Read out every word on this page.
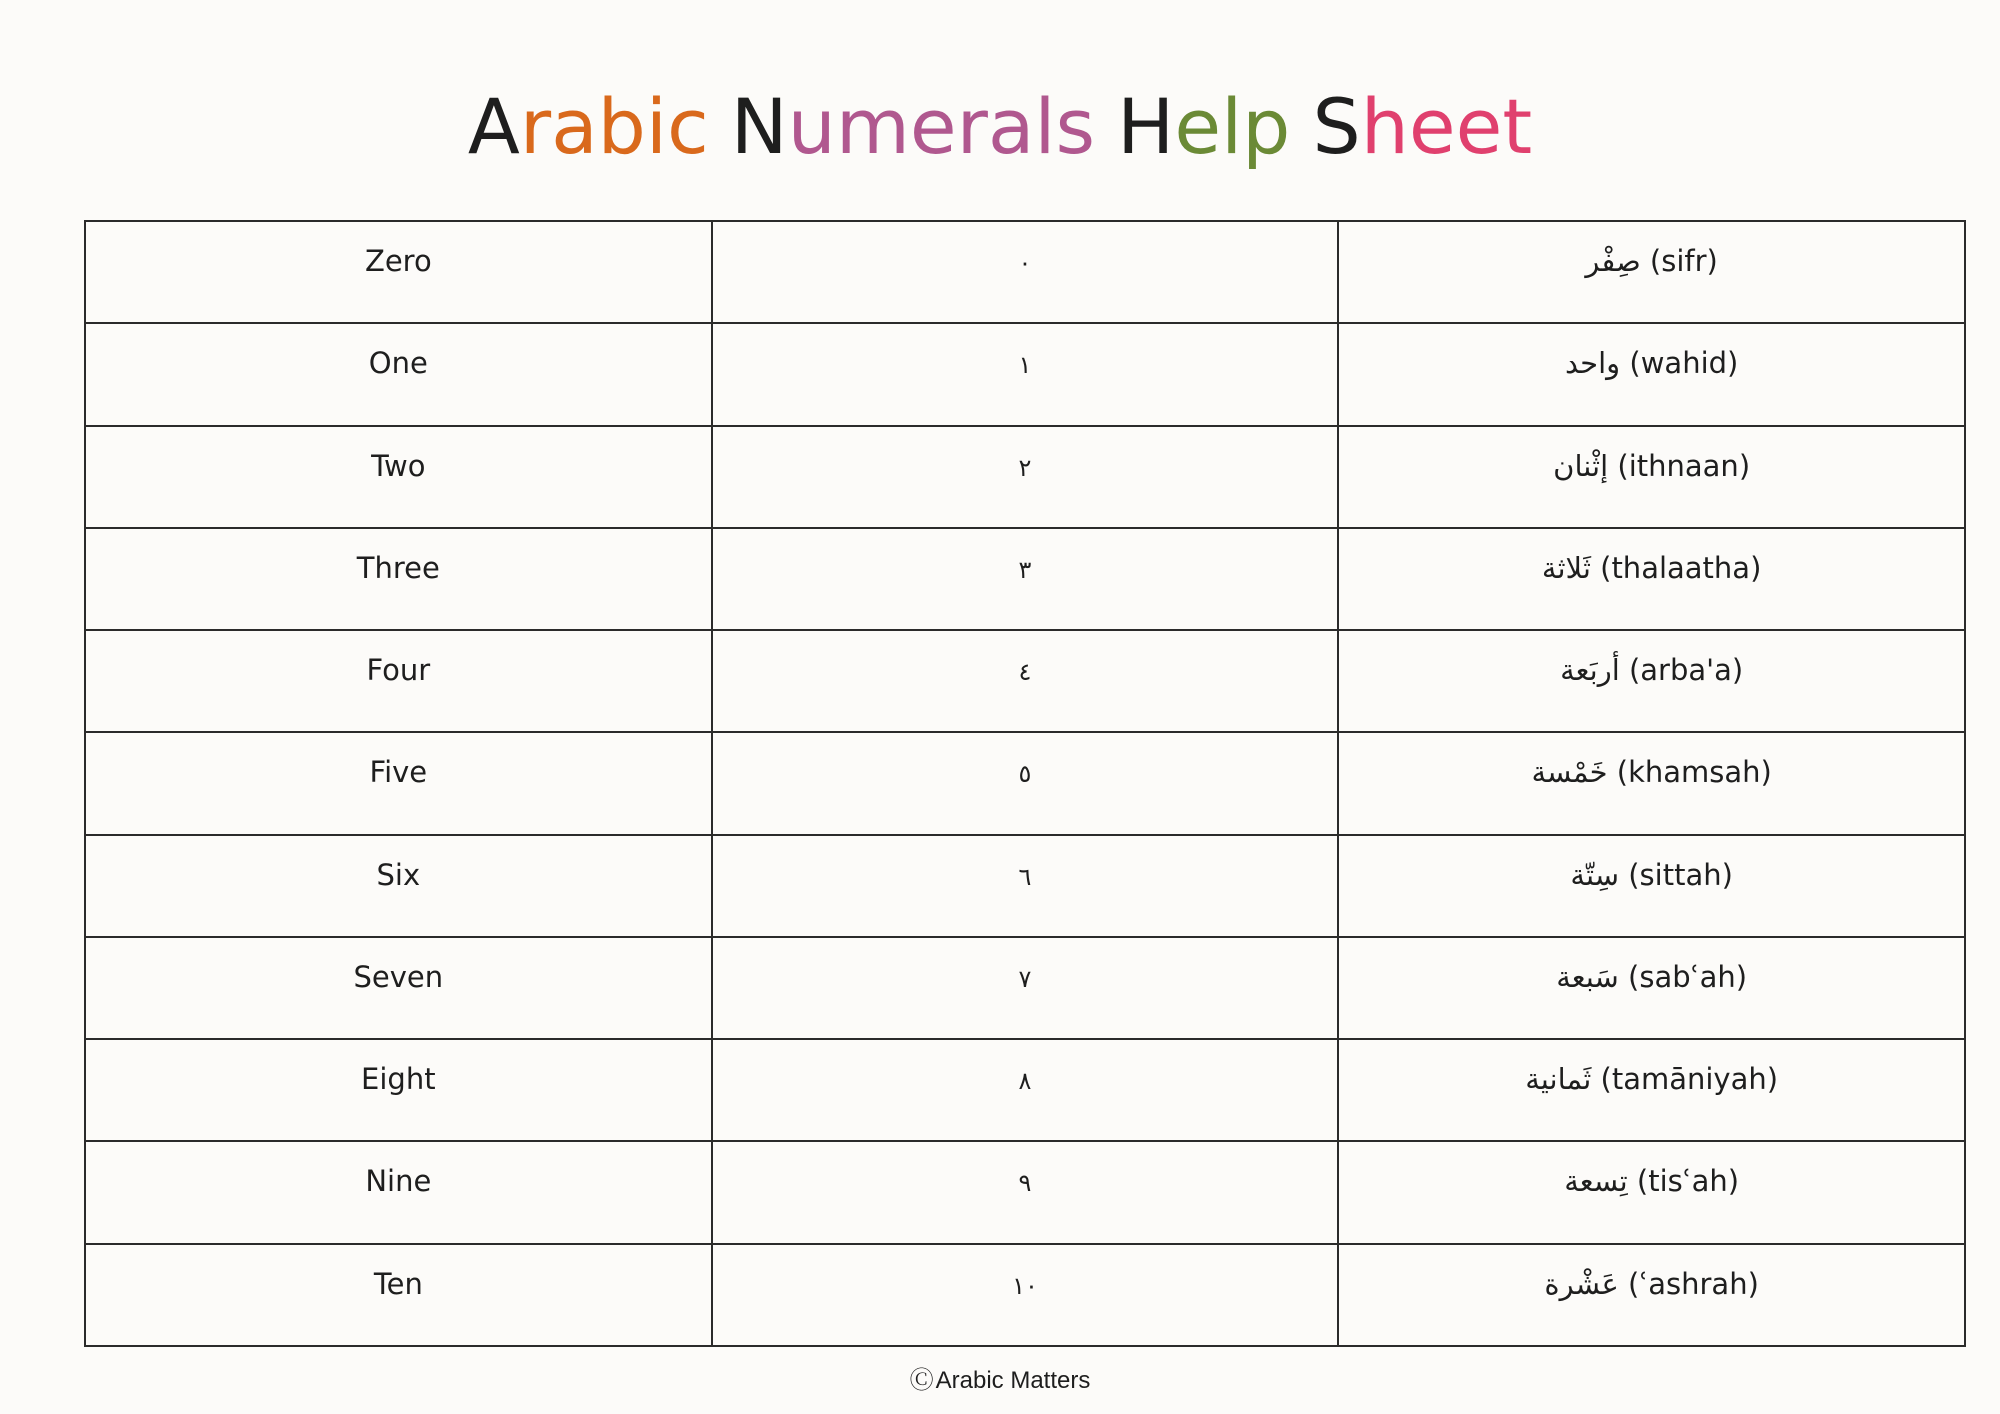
Arabic Numerals Help Sheet
Zero	٠	صِفْر (sifr)
One	١	واحد (wahid)
Two	٢	إثْنان (ithnaan)
Three	٣	ثَلاثة (thalaatha)
Four	٤	أربَعة (arba'a)
Five	٥	خَمْسة (khamsah)
Six	٦	سِتّة (sittah)
Seven	٧	سَبعة (sabʿah)
Eight	٨	ثَمانية (tamāniyah)
Nine	٩	تِسعة (tisʿah)
Ten	١٠	عَشْرة (ʿashrah)
ⒸArabic Matters
